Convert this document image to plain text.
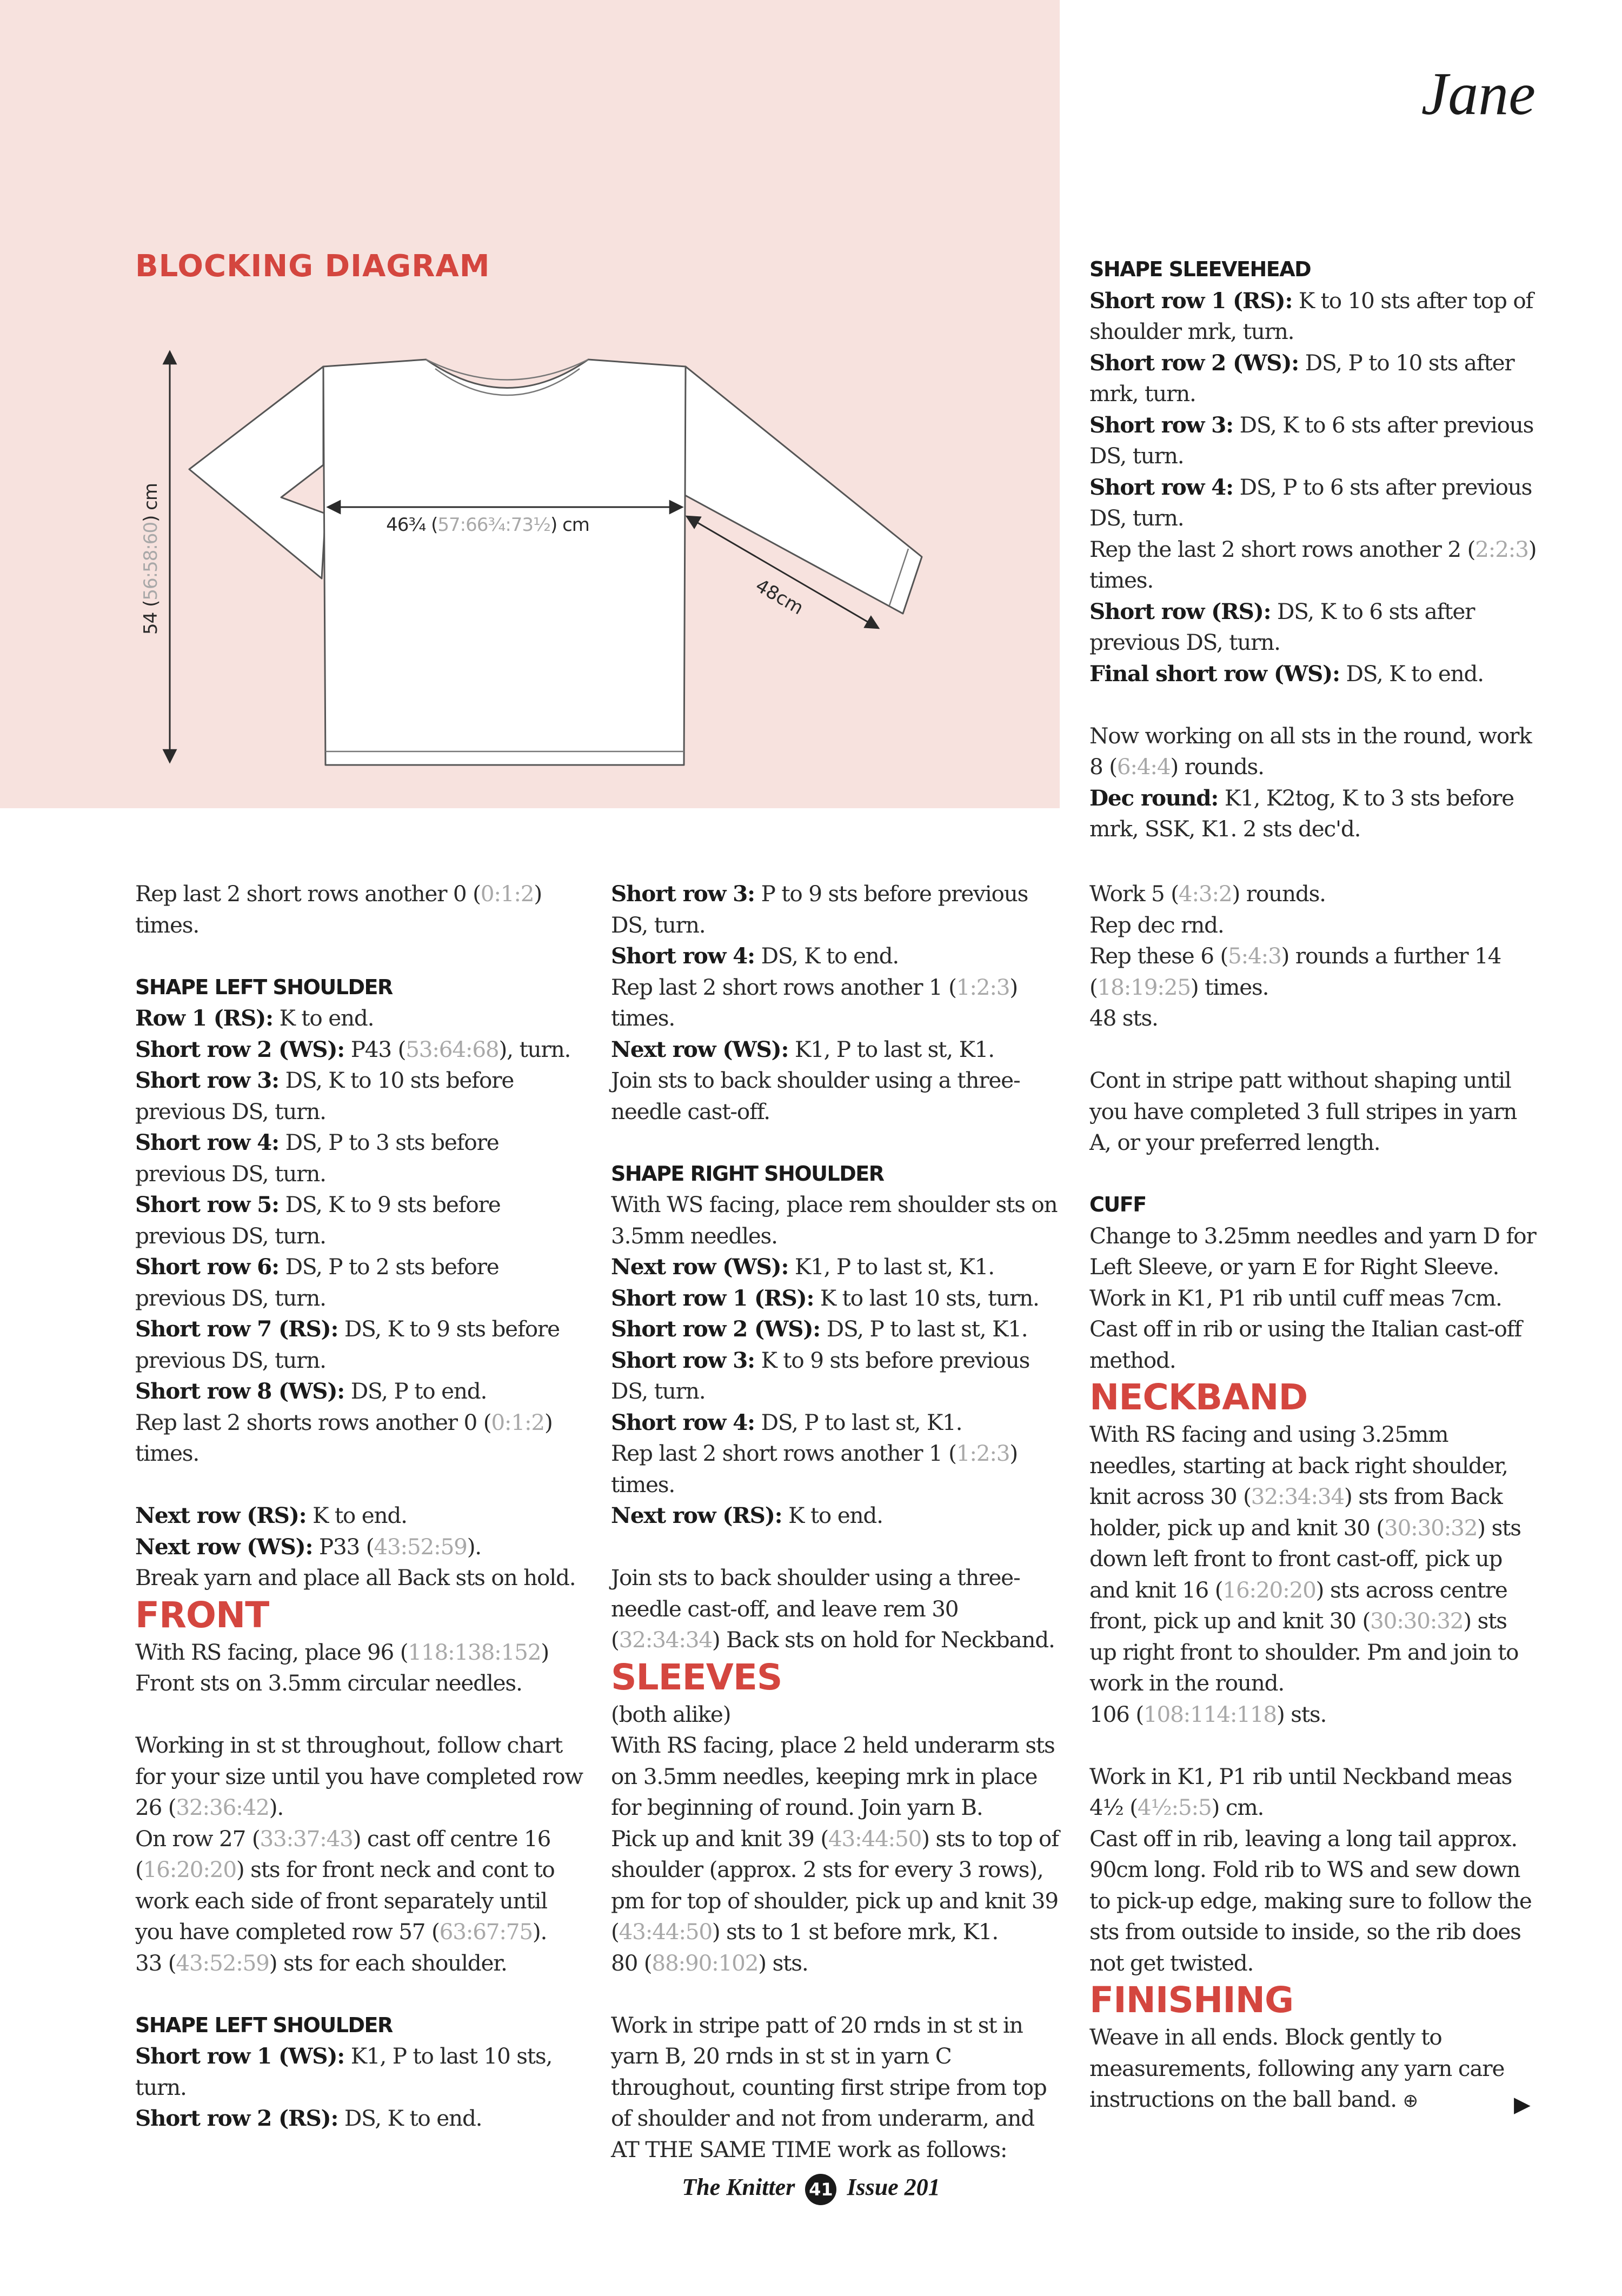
Jane
BLOCKING DIAGRAM
54 (56:58:60) cm
46¾ (57:66¾:73½) cm
48cm
Rep last 2 short rows another 0 (0:1:2) times.
SHAPE LEFT SHOULDER
Row 1 (RS): K to end.
Short row 2 (WS): P43 (53:64:68), turn.
Short row 3: DS, K to 10 sts before previous DS, turn.
Short row 4: DS, P to 3 sts before previous DS, turn.
Short row 5: DS, K to 9 sts before previous DS, turn.
Short row 6: DS, P to 2 sts before previous DS, turn.
Short row 7 (RS): DS, K to 9 sts before previous DS, turn.
Short row 8 (WS): DS, P to end.
Rep last 2 shorts rows another 0 (0:1:2) times.
Next row (RS): K to end.
Next row (WS): P33 (43:52:59).
Break yarn and place all Back sts on hold.
FRONT
With RS facing, place 96 (118:138:152) Front sts on 3.5mm circular needles.
Working in st st throughout, follow chart for your size until you have completed row 26 (32:36:42).
On row 27 (33:37:43) cast off centre 16 (16:20:20) sts for front neck and cont to work each side of front separately until you have completed row 57 (63:67:75).
33 (43:52:59) sts for each shoulder.
SHAPE LEFT SHOULDER
Short row 1 (WS): K1, P to last 10 sts, turn.
Short row 2 (RS): DS, K to end.
Short row 3: P to 9 sts before previous DS, turn.
Short row 4: DS, K to end.
Rep last 2 short rows another 1 (1:2:3) times.
Next row (WS): K1, P to last st, K1.
Join sts to back shoulder using a three-needle cast-off.
SHAPE RIGHT SHOULDER
With WS facing, place rem shoulder sts on 3.5mm needles.
Next row (WS): K1, P to last st, K1.
Short row 1 (RS): K to last 10 sts, turn.
Short row 2 (WS): DS, P to last st, K1.
Short row 3: K to 9 sts before previous DS, turn.
Short row 4: DS, P to last st, K1.
Rep last 2 short rows another 1 (1:2:3) times.
Next row (RS): K to end.
Join sts to back shoulder using a three-needle cast-off, and leave rem 30 (32:34:34) Back sts on hold for Neckband.
SLEEVES
(both alike)
With RS facing, place 2 held underarm sts on 3.5mm needles, keeping mrk in place for beginning of round. Join yarn B.
Pick up and knit 39 (43:44:50) sts to top of shoulder (approx. 2 sts for every 3 rows), pm for top of shoulder, pick up and knit 39 (43:44:50) sts to 1 st before mrk, K1.
80 (88:90:102) sts.
Work in stripe patt of 20 rnds in st st in yarn B, 20 rnds in st st in yarn C throughout, counting first stripe from top of shoulder and not from underarm, and AT THE SAME TIME work as follows:
SHAPE SLEEVEHEAD
Short row 1 (RS): K to 10 sts after top of shoulder mrk, turn.
Short row 2 (WS): DS, P to 10 sts after mrk, turn.
Short row 3: DS, K to 6 sts after previous DS, turn.
Short row 4: DS, P to 6 sts after previous DS, turn.
Rep the last 2 short rows another 2 (2:2:3) times.
Short row (RS): DS, K to 6 sts after previous DS, turn.
Final short row (WS): DS, K to end.
Now working on all sts in the round, work 8 (6:4:4) rounds.
Dec round: K1, K2tog, K to 3 sts before mrk, SSK, K1. 2 sts dec'd.
Work 5 (4:3:2) rounds.
Rep dec rnd.
Rep these 6 (5:4:3) rounds a further 14 (18:19:25) times.
48 sts.
Cont in stripe patt without shaping until you have completed 3 full stripes in yarn A, or your preferred length.
CUFF
Change to 3.25mm needles and yarn D for Left Sleeve, or yarn E for Right Sleeve.
Work in K1, P1 rib until cuff meas 7cm.
Cast off in rib or using the Italian cast-off method.
NECKBAND
With RS facing and using 3.25mm needles, starting at back right shoulder, knit across 30 (32:34:34) sts from Back holder, pick up and knit 30 (30:30:32) sts down left front to front cast-off, pick up and knit 16 (16:20:20) sts across centre front, pick up and knit 30 (30:30:32) sts up right front to shoulder. Pm and join to work in the round.
106 (108:114:118) sts.
Work in K1, P1 rib until Neckband meas 4½ (4½:5:5) cm.
Cast off in rib, leaving a long tail approx. 90cm long. Fold rib to WS and sew down to pick-up edge, making sure to follow the sts from outside to inside, so the rib does not get twisted.
FINISHING
Weave in all ends. Block gently to measurements, following any yarn care instructions on the ball band. ⊕	▶
The Knitter 41 Issue 201
